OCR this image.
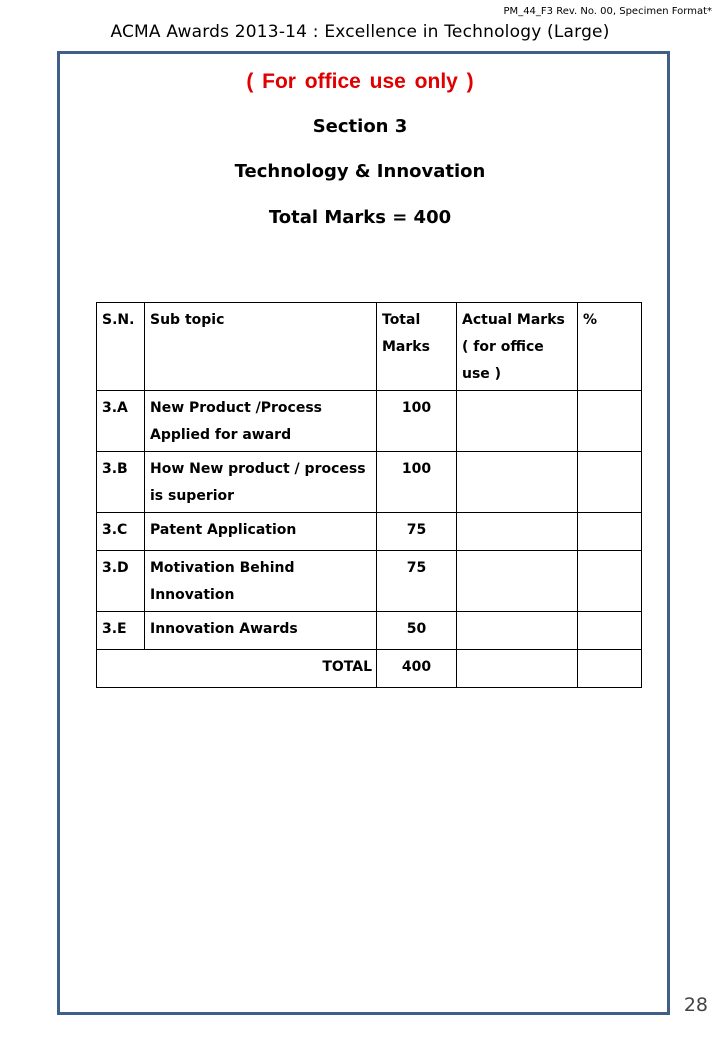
PM_44_F3 Rev. No. 00, Specimen Format*
ACMA Awards 2013-14 : Excellence in Technology (Large)
( For office use only )
Section 3
Technology & Innovation
Total Marks = 400
S.N.	Sub topic	Total Marks	Actual Marks ( for office use )	%
3.A	New Product /Process Applied for award	100		
3.B	How New product / process is superior	100		
3.C	Patent Application	75		
3.D	Motivation Behind Innovation	75		
3.E	Innovation Awards	50		
TOTAL		400		
28
